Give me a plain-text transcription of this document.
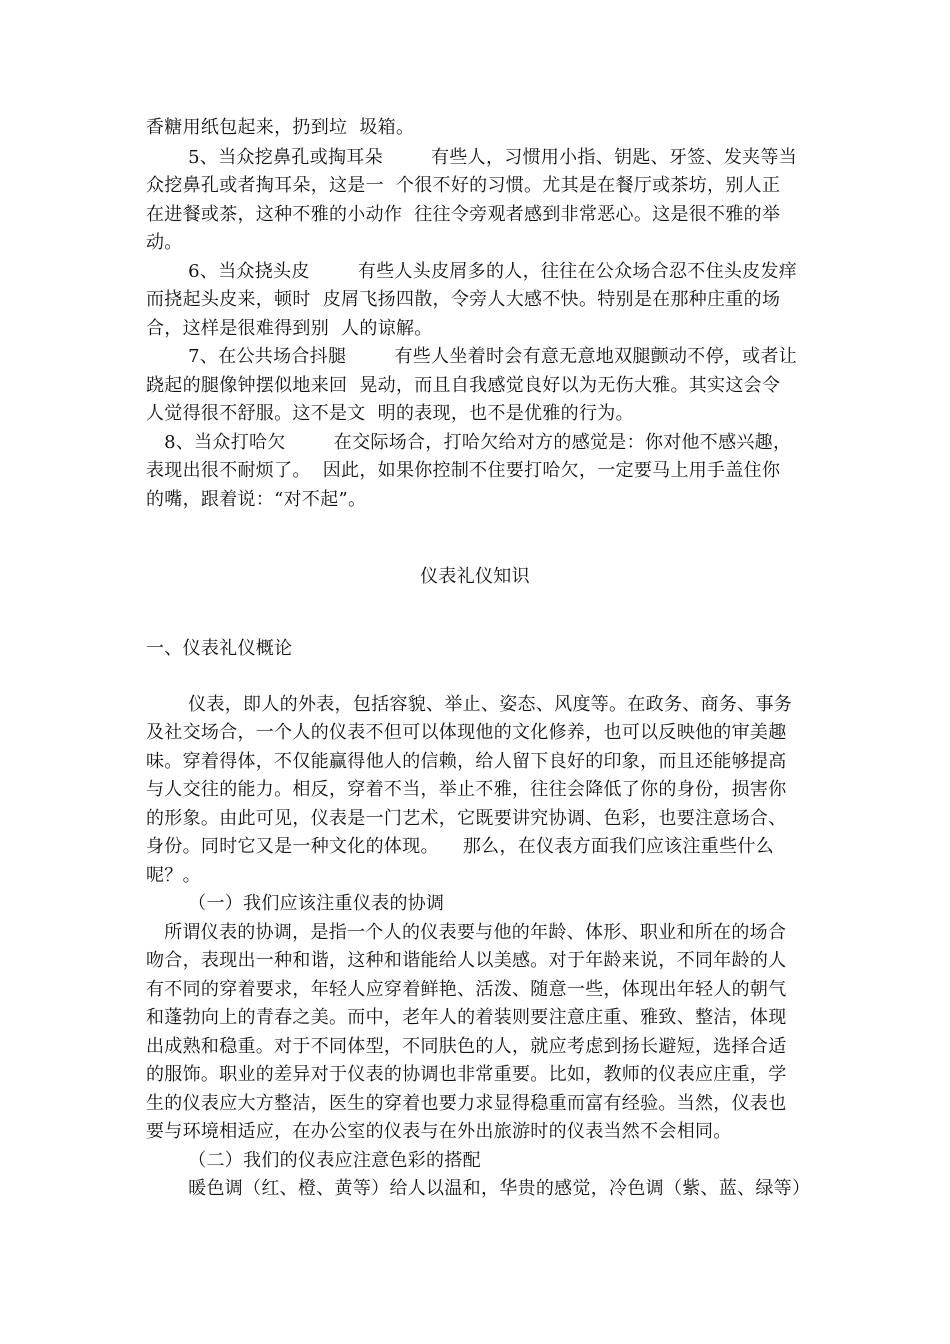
香糖用纸包起来，扔到垃  圾箱。
5、当众挖鼻孔或掏耳朵        有些人，习惯用小指、钥匙、牙签、发夹等当
众挖鼻孔或者掏耳朵，这是一  个很不好的习惯。尤其是在餐厅或茶坊，别人正
在进餐或茶，这种不雅的小动作  往往令旁观者感到非常恶心。这是很不雅的举
动。
6、当众挠头皮        有些人头皮屑多的人，往往在公众场合忍不住头皮发痒
而挠起头皮来，顿时  皮屑飞扬四散，令旁人大感不快。特别是在那种庄重的场
合，这样是很难得到别  人的谅解。
7、在公共场合抖腿        有些人坐着时会有意无意地双腿颤动不停，或者让
跷起的腿像钟摆似地来回  晃动，而且自我感觉良好以为无伤大雅。其实这会令
人觉得很不舒服。这不是文  明的表现，也不是优雅的行为。
8、当众打哈欠        在交际场合，打哈欠给对方的感觉是：你对他不感兴趣，
表现出很不耐烦了。  因此，如果你控制不住要打哈欠，一定要马上用手盖住你
的嘴，跟着说：“对不起”。
仪表礼仪知识
一、仪表礼仪概论
仪表，即人的外表，包括容貌、举止、姿态、风度等。在政务、商务、事务
及社交场合，一个人的仪表不但可以体现他的文化修养，也可以反映他的审美趣
味。穿着得体，不仅能赢得他人的信赖，给人留下良好的印象，而且还能够提高
与人交往的能力。相反，穿着不当，举止不雅，往往会降低了你的身份，损害你
的形象。由此可见，仪表是一门艺术，它既要讲究协调、色彩，也要注意场合、
身份。同时它又是一种文化的体现。    那么，在仪表方面我们应该注重些什么
呢？。
（一）我们应该注重仪表的协调
所谓仪表的协调，是指一个人的仪表要与他的年龄、体形、职业和所在的场合
吻合，表现出一种和谐，这种和谐能给人以美感。对于年龄来说，不同年龄的人
有不同的穿着要求，年轻人应穿着鲜艳、活泼、随意一些，体现出年轻人的朝气
和蓬勃向上的青春之美。而中，老年人的着装则要注意庄重、雅致、整洁，体现
出成熟和稳重。对于不同体型，不同肤色的人，就应考虑到扬长避短，选择合适
的服饰。职业的差异对于仪表的协调也非常重要。比如，教师的仪表应庄重，学
生的仪表应大方整洁，医生的穿着也要力求显得稳重而富有经验。当然，仪表也
要与环境相适应，在办公室的仪表与在外出旅游时的仪表当然不会相同。
（二）我们的仪表应注意色彩的搭配
暖色调（红、橙、黄等）给人以温和，华贵的感觉，冷色调（紫、蓝、绿等）
